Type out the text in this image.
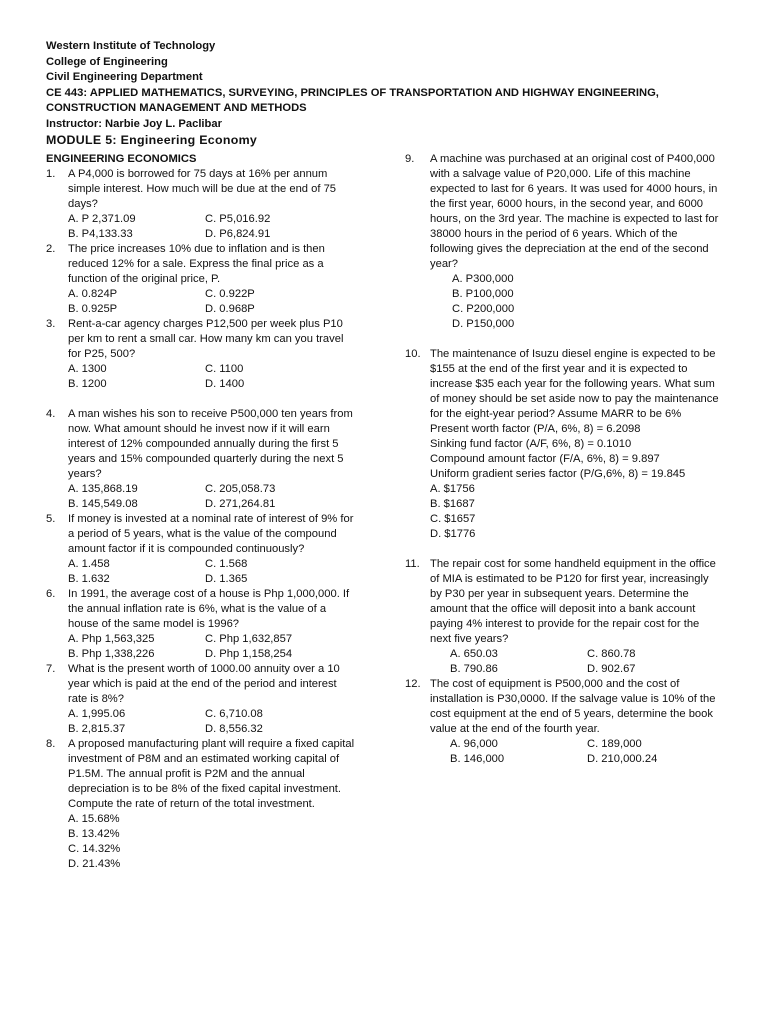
Western Institute of Technology
College of Engineering
Civil Engineering Department
CE 443: APPLIED MATHEMATICS, SURVEYING, PRINCIPLES OF TRANSPORTATION AND HIGHWAY ENGINEERING,
CONSTRUCTION MANAGEMENT AND METHODS
Instructor: Narbie Joy L. Paclibar
MODULE 5: Engineering Economy
ENGINEERING ECONOMICS
1. A P4,000 is borrowed for 75 days at 16% per annum
simple interest. How much will be due at the end of 75
days?
A. P 2,371.09	C. P5,016.92
B. P4,133.33	D. P6,824.91
2. The price increases 10% due to inflation and is then
reduced 12% for a sale. Express the final price as a
function of the original price, P.
A. 0.824P	C. 0.922P
B. 0.925P	D. 0.968P
3. Rent-a-car agency charges P12,500 per week plus P10
per km to rent a small car. How many km can you travel
for P25, 500?
A. 1300	C. 1100
B. 1200	D. 1400
4. A man wishes his son to receive P500,000 ten years from
now. What amount should he invest now if it will earn
interest of 12% compounded annually during the first 5
years and 15% compounded quarterly during the next 5
years?
A. 135,868.19	C. 205,058.73
B. 145,549.08	D. 271,264.81
5. If money is invested at a nominal rate of interest of 9% for
a period of 5 years, what is the value of the compound
amount factor if it is compounded continuously?
A. 1.458	C. 1.568
B. 1.632	D. 1.365
6. In 1991, the average cost of a house is Php 1,000,000. If
the annual inflation rate is 6%, what is the value of a
house of the same model is 1996?
A. Php 1,563,325	C. Php 1,632,857
B. Php 1,338,226	D. Php 1,158,254
7. What is the present worth of 1000.00 annuity over a 10
year which is paid at the end of the period and interest
rate is 8%?
A. 1,995.06	C. 6,710.08
B. 2,815.37	D. 8,556.32
8. A proposed manufacturing plant will require a fixed capital
investment of P8M and an estimated working capital of
P1.5M. The annual profit is P2M and the annual
depreciation is to be 8% of the fixed capital investment.
Compute the rate of return of the total investment.
A. 15.68%
B. 13.42%
C. 14.32%
D. 21.43%
9. A machine was purchased at an original cost of P400,000
with a salvage value of P20,000. Life of this machine
expected to last for 6 years. It was used for 4000 hours, in
the first year, 6000 hours, in the second year, and 6000
hours, on the 3rd year. The machine is expected to last for
38000 hours in the period of 6 years. Which of the
following gives the depreciation at the end of the second
year?
A. P300,000
B. P100,000
C. P200,000
D. P150,000
10. The maintenance of Isuzu diesel engine is expected to be
$155 at the end of the first year and it is expected to
increase $35 each year for the following years. What sum
of money should be set aside now to pay the maintenance
for the eight-year period? Assume MARR to be 6%
Present worth factor (P/A, 6%, 8) = 6.2098
Sinking fund factor (A/F, 6%, 8) = 0.1010
Compound amount factor (F/A, 6%, 8) = 9.897
Uniform gradient series factor (P/G,6%, 8) = 19.845
A. $1756
B. $1687
C. $1657
D. $1776
11. The repair cost for some handheld equipment in the office
of MIA is estimated to be P120 for first year, increasingly
by P30 per year in subsequent years. Determine the
amount that the office will deposit into a bank account
paying 4% interest to provide for the repair cost for the
next five years?
A. 650.03	C. 860.78
B. 790.86	D. 902.67
12. The cost of equipment is P500,000 and the cost of
installation is P30,0000. If the salvage value is 10% of the
cost equipment at the end of 5 years, determine the book
value at the end of the fourth year.
A. 96,000	C. 189,000
B. 146,000	D. 210,000.24
